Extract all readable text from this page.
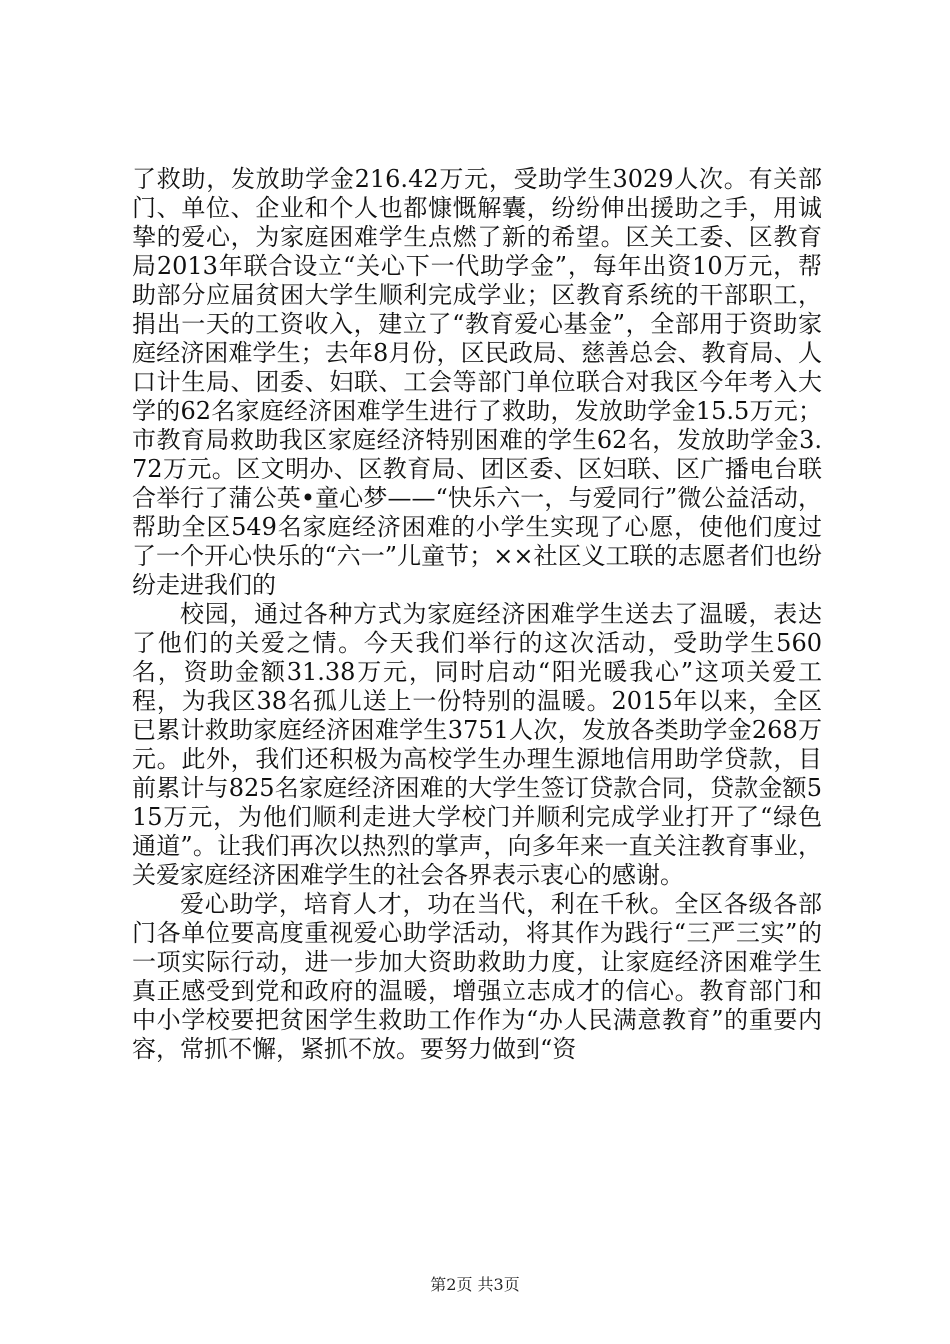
了救助，发放助学金216.42万元，受助学生3029人次。有关部门、单位、企业和个人也都慷慨解囊，纷纷伸出援助之手，用诚挚的爱心，为家庭困难学生点燃了新的希望。区关工委、区教育局2013年联合设立“关心下一代助学金”，每年出资10万元，帮助部分应届贫困大学生顺利完成学业；区教育系统的干部职工，捐出一天的工资收入，建立了“教育爱心基金”，全部用于资助家庭经济困难学生；去年8月份，区民政局、慈善总会、教育局、人口计生局、团委、妇联、工会等部门单位联合对我区今年考入大学的62名家庭经济困难学生进行了救助，发放助学金15.5万元；市教育局救助我区家庭经济特别困难的学生62名，发放助学金3.72万元。区文明办、区教育局、团区委、区妇联、区广播电台联合举行了蒲公英•童心梦——“快乐六一，与爱同行”微公益活动，帮助全区549名家庭经济困难的小学生实现了心愿，使他们度过了一个开心快乐的“六一”儿童节；××社区义工联的志愿者们也纷纷走进我们的

校园，通过各种方式为家庭经济困难学生送去了温暖，表达了他们的关爱之情。今天我们举行的这次活动，受助学生560名，资助金额31.38万元，同时启动“阳光暖我心”这项关爱工程，为我区38名孤儿送上一份特别的温暖。2015年以来，全区已累计救助家庭经济困难学生3751人次，发放各类助学金268万元。此外，我们还积极为高校学生办理生源地信用助学贷款，目前累计与825名家庭经济困难的大学生签订贷款合同，贷款金额515万元，为他们顺利走进大学校门并顺利完成学业打开了“绿色通道”。让我们再次以热烈的掌声，向多年来一直关注教育事业，关爱家庭经济困难学生的社会各界表示衷心的感谢。

爱心助学，培育人才，功在当代，利在千秋。全区各级各部门各单位要高度重视爱心助学活动，将其作为践行“三严三实”的一项实际行动，进一步加大资助救助力度，让家庭经济困难学生真正感受到党和政府的温暖，增强立志成才的信心。教育部门和中小学校要把贫困学生救助工作作为“办人民满意教育”的重要内容，常抓不懈，紧抓不放。要努力做到“资

第2页 共3页
